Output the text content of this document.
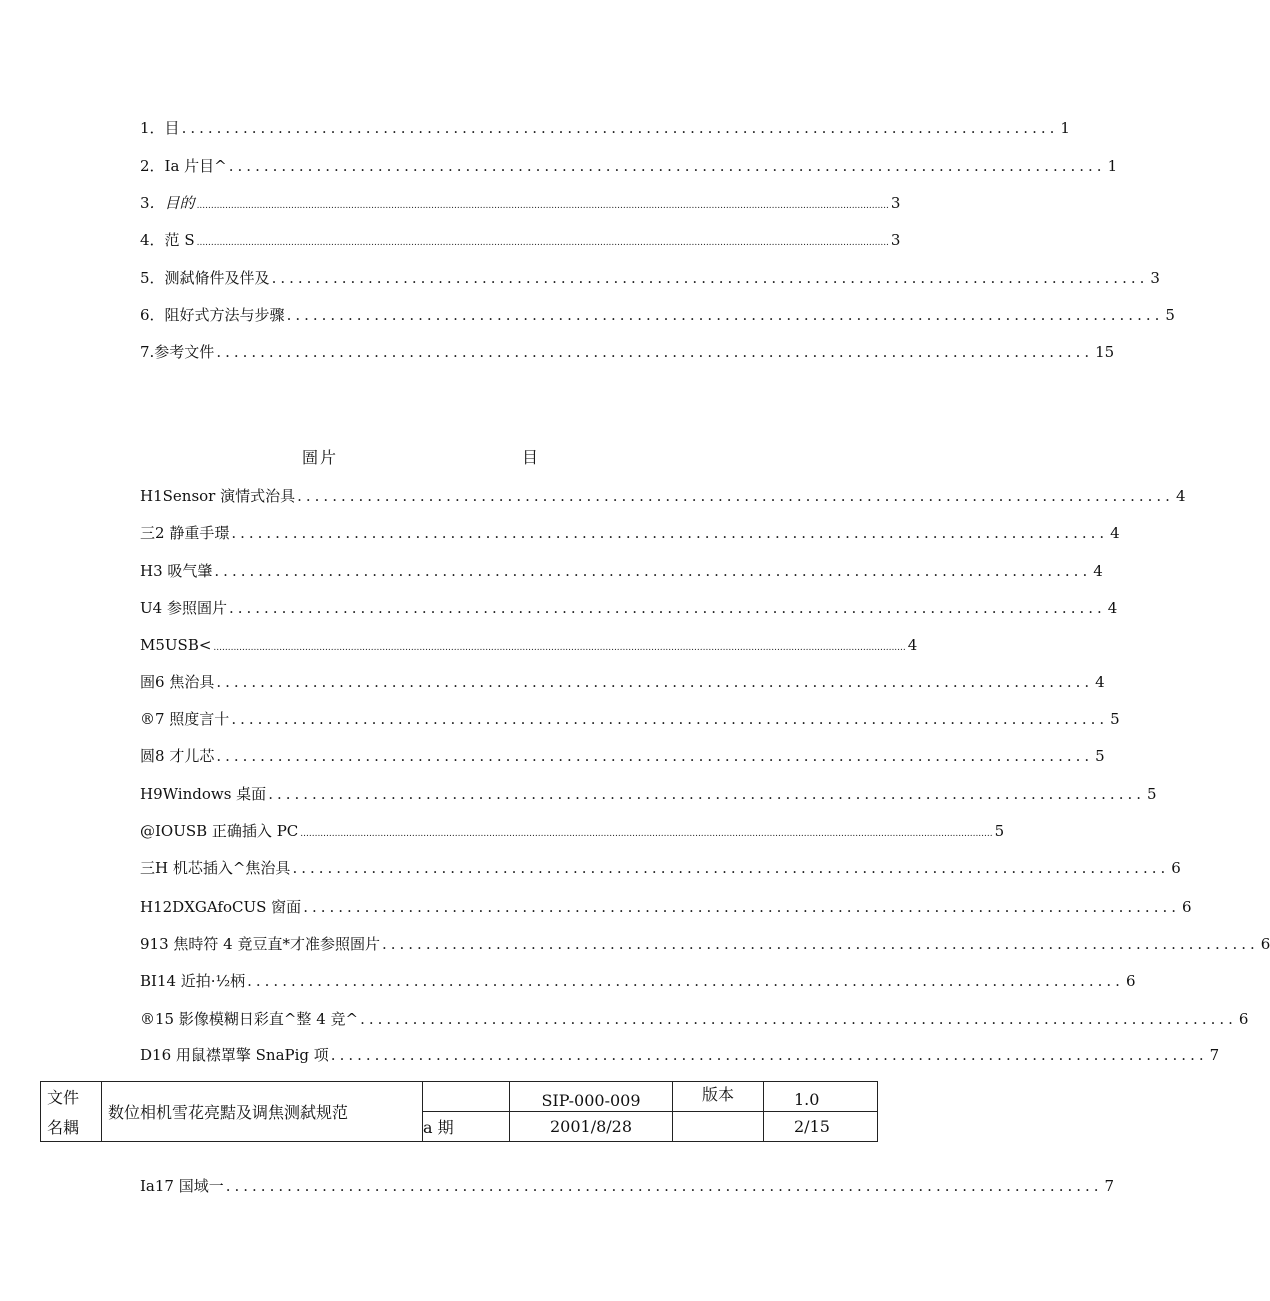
1 ．目 .................................................................................................... 1
2 ．Ia 片目^ .................................................................................................... 1
3 ．目的 .................................................................................................................................................................................................................................................. 3
4 ．范 S .................................................................................................................................................................................................................................................. 3
5 ．测弑脩件及伴及 .................................................................................................... 3
6 ．阻好式方法与步骤 .................................................................................................... 5
7.参考文件 .................................................................................................... 15
圄片	目
H 1Sensor 演情式治具 .................................................................................................... 4
三 2 静重手璟 .................................................................................................... 4
H 3 吸气肇 .................................................................................................... 4
U 4 参照圄片 .................................................................................................... 4
M 5USB< .................................................................................................................................................................................................................................................. 4
圄 6 焦治具 .................................................................................................... 4
® 7 照度言十 .................................................................................................... 5
圆 8 才儿芯 .................................................................................................... 5
H 9Windows 桌面 .................................................................................................... 5
@ IOUSB 正确插入 PC .................................................................................................................................................................................................................................................. 5
三 H 机芯插入^焦治具 .................................................................................................... 6
H 12DXGAfoCUS 窗面 .................................................................................................... 6
9 13 焦時符 4 竟豆直*才准参照圄片 .................................................................................................... 6
BI 14 近拍·½柄 .................................................................................................... 6
® 15 影像模糊日彩直^整 4 竞^ .................................................................................................... 6
D 16 用鼠襟罩擎 SnaPig 项 .................................................................................................... 7
文件	数位相机雪花亮黠及调焦测弑规范		SIP-000-009	版本	1.0
名耦		a 期	2001/8/28		2/15
Ia17 国域一 .................................................................................................... 7
